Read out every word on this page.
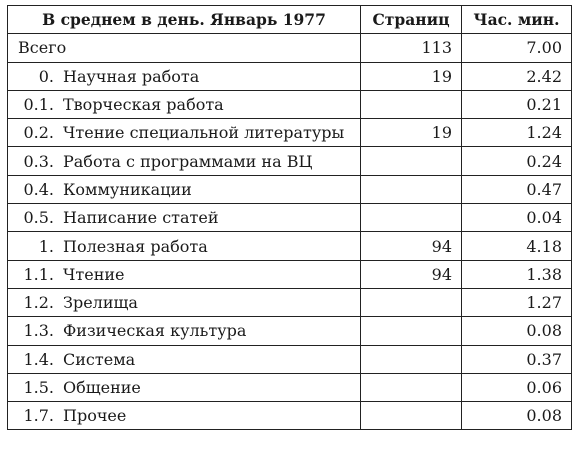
В среднем в день. Январь 1977	Страниц	Час. мин.
Всего	113	7.00
0. Научная работа	19	2.42
0.1. Творческая работа		0.21
0.2. Чтение специальной литературы	19	1.24
0.3. Работа с программами на ВЦ		0.24
0.4. Коммуникации		0.47
0.5. Написание статей		0.04
1. Полезная работа	94	4.18
1.1. Чтение	94	1.38
1.2. Зрелища		1.27
1.3. Физическая культура		0.08
1.4. Система		0.37
1.5. Общение		0.06
1.7. Прочее		0.08
